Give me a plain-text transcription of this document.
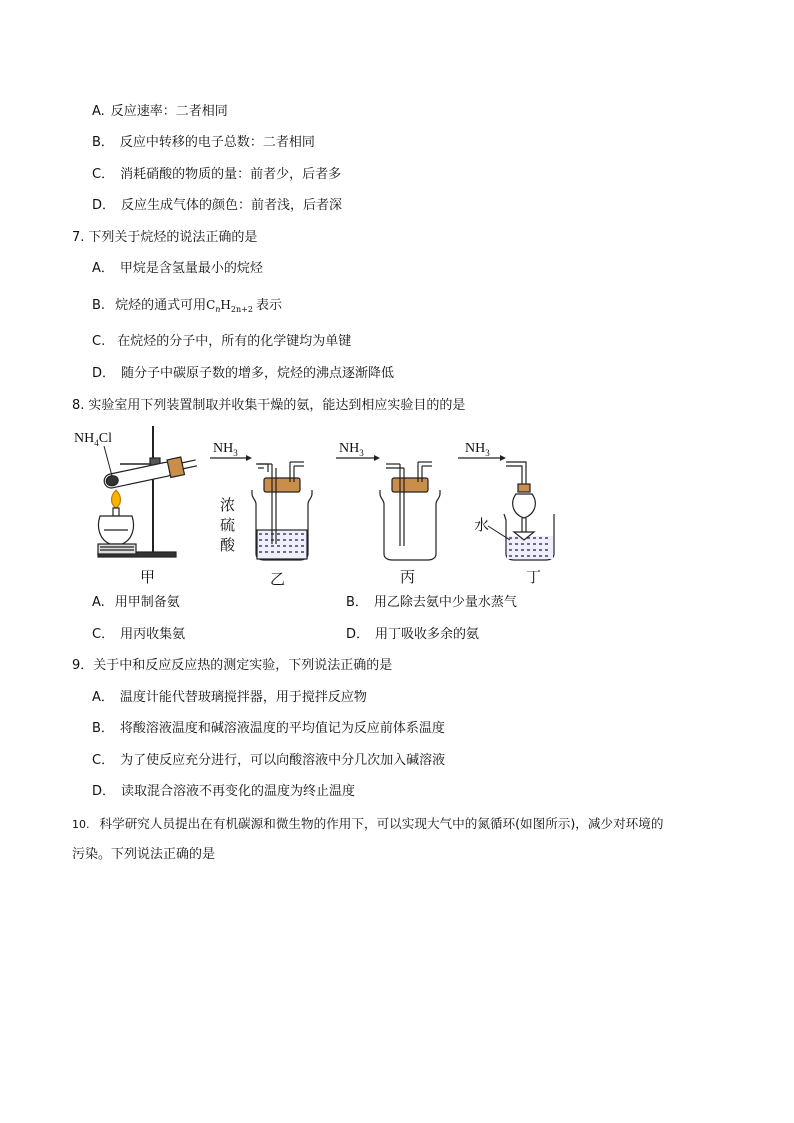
A. 反应速率：二者相同
B． 反应中转移的电子总数：二者相同
C． 消耗硝酸的物质的量：前者少，后者多
D． 反应生成气体的颜色：前者浅，后者深
7. 下列关于烷烃的说法正确的是
A． 甲烷是含氢量最小的烷烃
B. 烷烃的通式可用$C_nH_{2n+2}$ 表示
C. 在烷烃的分子中，所有的化学键均为单键
D． 随分子中碳原子数的增多，烷烃的沸点逐渐降低
8. 实验室用下列装置制取并收集干燥的氨，能达到相应实验目的的是
$NH_4Cl$
$NH_3$
浓
硫
酸
$NH_3$	$NH_3$
水
甲	乙	丙	丁
A. 用甲制备氨	B． 用乙除去氨中少量水蒸气
C． 用丙收集氨	D． 用丁吸收多余的氨
9．关于中和反应反应热的测定实验，下列说法正确的是
A． 温度计能代替玻璃搅拌器，用于搅拌反应物
B． 将酸溶液温度和碱溶液温度的平均值记为反应前体系温度
C． 为了使反应充分进行，可以向酸溶液中分几次加入碱溶液
D． 读取混合溶液不再变化的温度为终止温度
10. 科学研究人员提出在有机碳源和微生物的作用下，可以实现大气中的氮循环(如图所示)，减少对环境的
污染。下列说法正确的是
